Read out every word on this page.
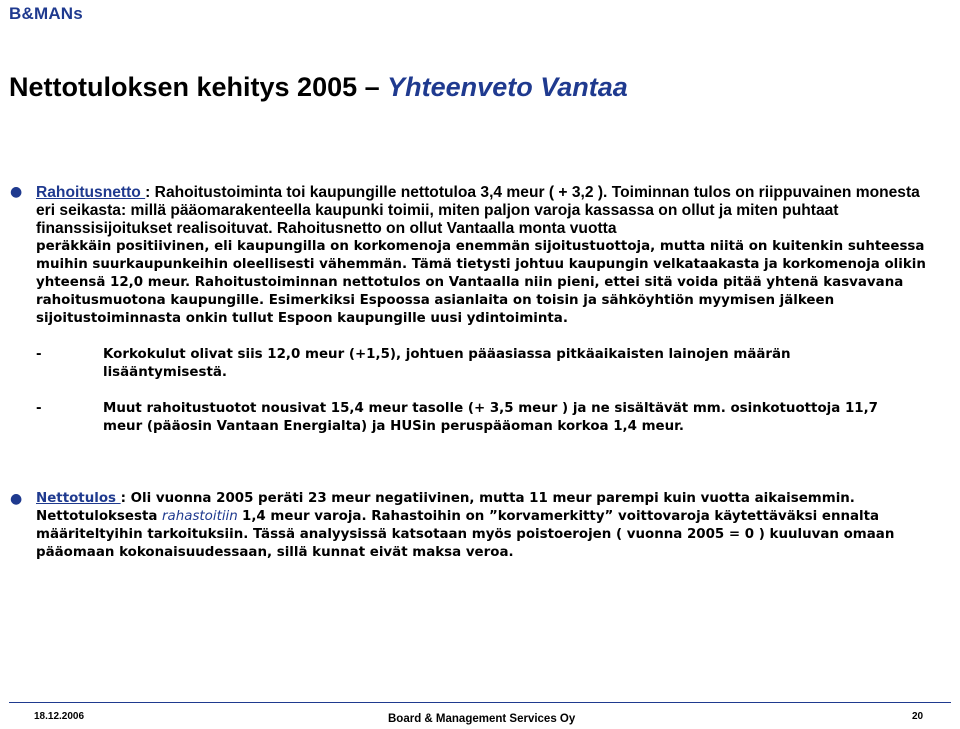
B&MANs
Nettotuloksen kehitys 2005 – Yhteenveto Vantaa
● Rahoitusnetto : Rahoitustoiminta toi kaupungille nettotuloa 3,4 meur ( + 3,2 ). Toiminnan tulos on riippuvainen monesta eri seikasta: millä pääomarakenteella kaupunki toimii, miten paljon varoja kassassa on ollut ja miten puhtaat finanssisijoitukset realisoituvat. Rahoitusnetto on ollut Vantaalla monta vuotta
peräkkäin positiivinen, eli kaupungilla on korkomenoja enemmän sijoitustuottoja, mutta niitä on kuitenkin suhteessa muihin suurkaupunkeihin oleellisesti vähemmän. Tämä tietysti johtuu kaupungin velkataakasta ja korkomenoja olikin yhteensä 12,0 meur. Rahoitustoiminnan nettotulos on Vantaalla niin pieni, ettei sitä voida pitää yhtenä kasvavana rahoitusmuotona kaupungille. Esimerkiksi Espoossa asianlaita on toisin ja sähköyhtiön myymisen jälkeen sijoitustoiminnasta onkin tullut Espoon kaupungille uusi ydintoiminta.
-	Korkokulut olivat siis 12,0 meur (+1,5), johtuen pääasiassa pitkäaikaisten lainojen määrän lisääntymisestä.
-	Muut rahoitustuotot nousivat 15,4 meur tasolle (+ 3,5 meur ) ja ne sisältävät mm. osinkotuottoja 11,7 meur (pääosin Vantaan Energialta) ja HUSin peruspääoman korkoa 1,4 meur.
● Nettotulos : Oli vuonna 2005 peräti 23 meur negatiivinen, mutta 11 meur parempi kuin vuotta aikaisemmin. Nettotuloksesta rahastoitiin 1,4 meur varoja. Rahastoihin on ”korvamerkitty” voittovaroja käytettäväksi ennalta määriteltyihin tarkoituksiin. Tässä analyysissä katsotaan myös poistoerojen ( vuonna 2005 = 0 ) kuuluvan omaan pääomaan kokonaisuudessaan, sillä kunnat eivät maksa veroa.
18.12.2006	Board & Management Services Oy	20
